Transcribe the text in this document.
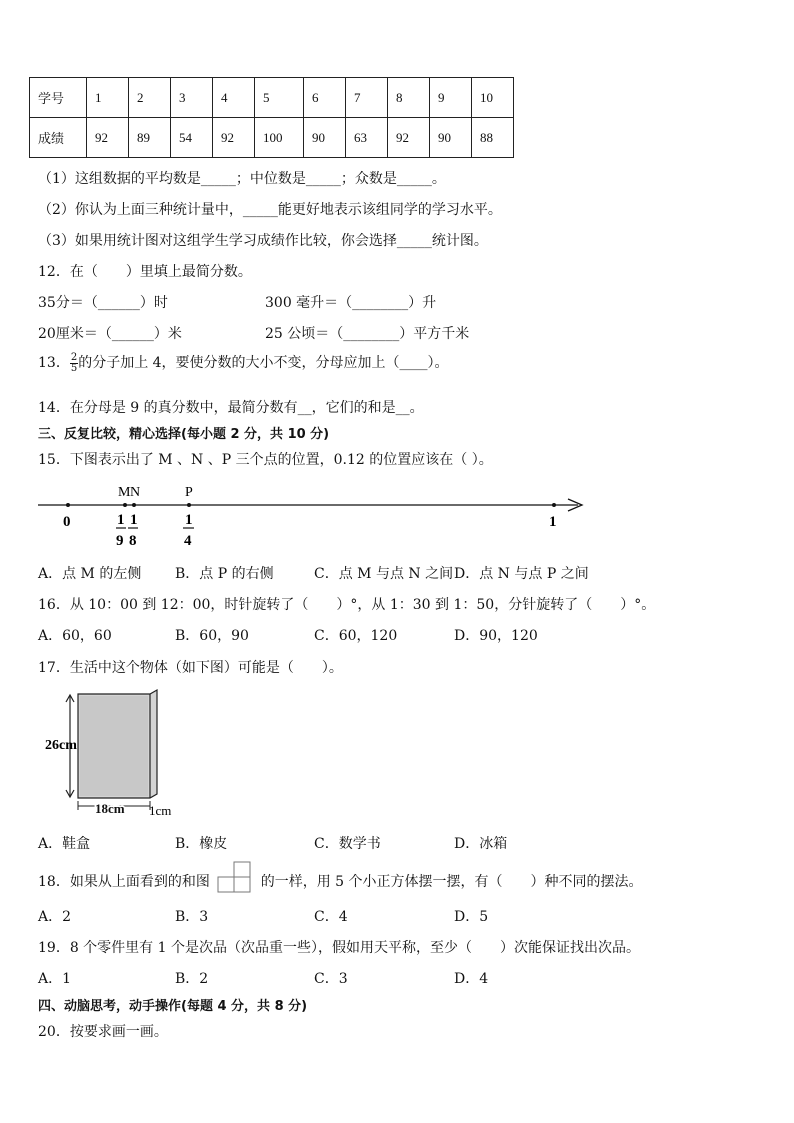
学号	1	2	3	4	5	6	7	8	9	10
成绩	92	89	54	92	100	90	63	92	90	88
（1）这组数据的平均数是_____；中位数是_____；众数是_____。
（2）你认为上面三种统计量中，_____能更好地表示该组同学的学习水平。
（3）如果用统计图对这组学生学习成绩作比较，你会选择_____统计图。
12．在（　　）里填上最简分数。
35分＝（______）时	300 毫升＝（________）升
20厘米＝（______）米	25 公顷＝（________）平方千米
13． $\frac{2}{5}$ 的分子加上 4，要使分数的大小不变，分母应加上（____）。
14．在分母是 9 的真分数中，最简分数有__，它们的和是__。
三、反复比较，精心选择(每小题 2 分，共 10 分)
15．下图表示出了 M 、N 、P 三个点的位置，0.12 的位置应该在（ ）。
M N	P
0	1
1
9
1
8
1
4
A．点 M 的左侧 B．点 P 的右侧	C．点 M 与点 N 之间 D．点 N 与点 P 之间
16．从 10：00 到 12：00，时针旋转了（　　）°，从 1：30 到 1：50，分针旋转了（　　）°。
A．60，60	B．60，90	C．60，120	D．90，120
17．生活中这个物体（如下图）可能是（　　）。
26cm
18cm 1cm
A．鞋盒	B．橡皮	C．数学书	D．冰箱
18．如果从上面看到的和图	的一样，用 5 个小正方体摆一摆，有（　　）种不同的摆法。
A．2	B．3	C．4	D．5
19．8 个零件里有 1 个是次品（次品重一些），假如用天平称，至少（　　）次能保证找出次品。
A．1	B．2	C．3	D．4
四、动脑思考，动手操作(每题 4 分，共 8 分)
20．按要求画一画。
